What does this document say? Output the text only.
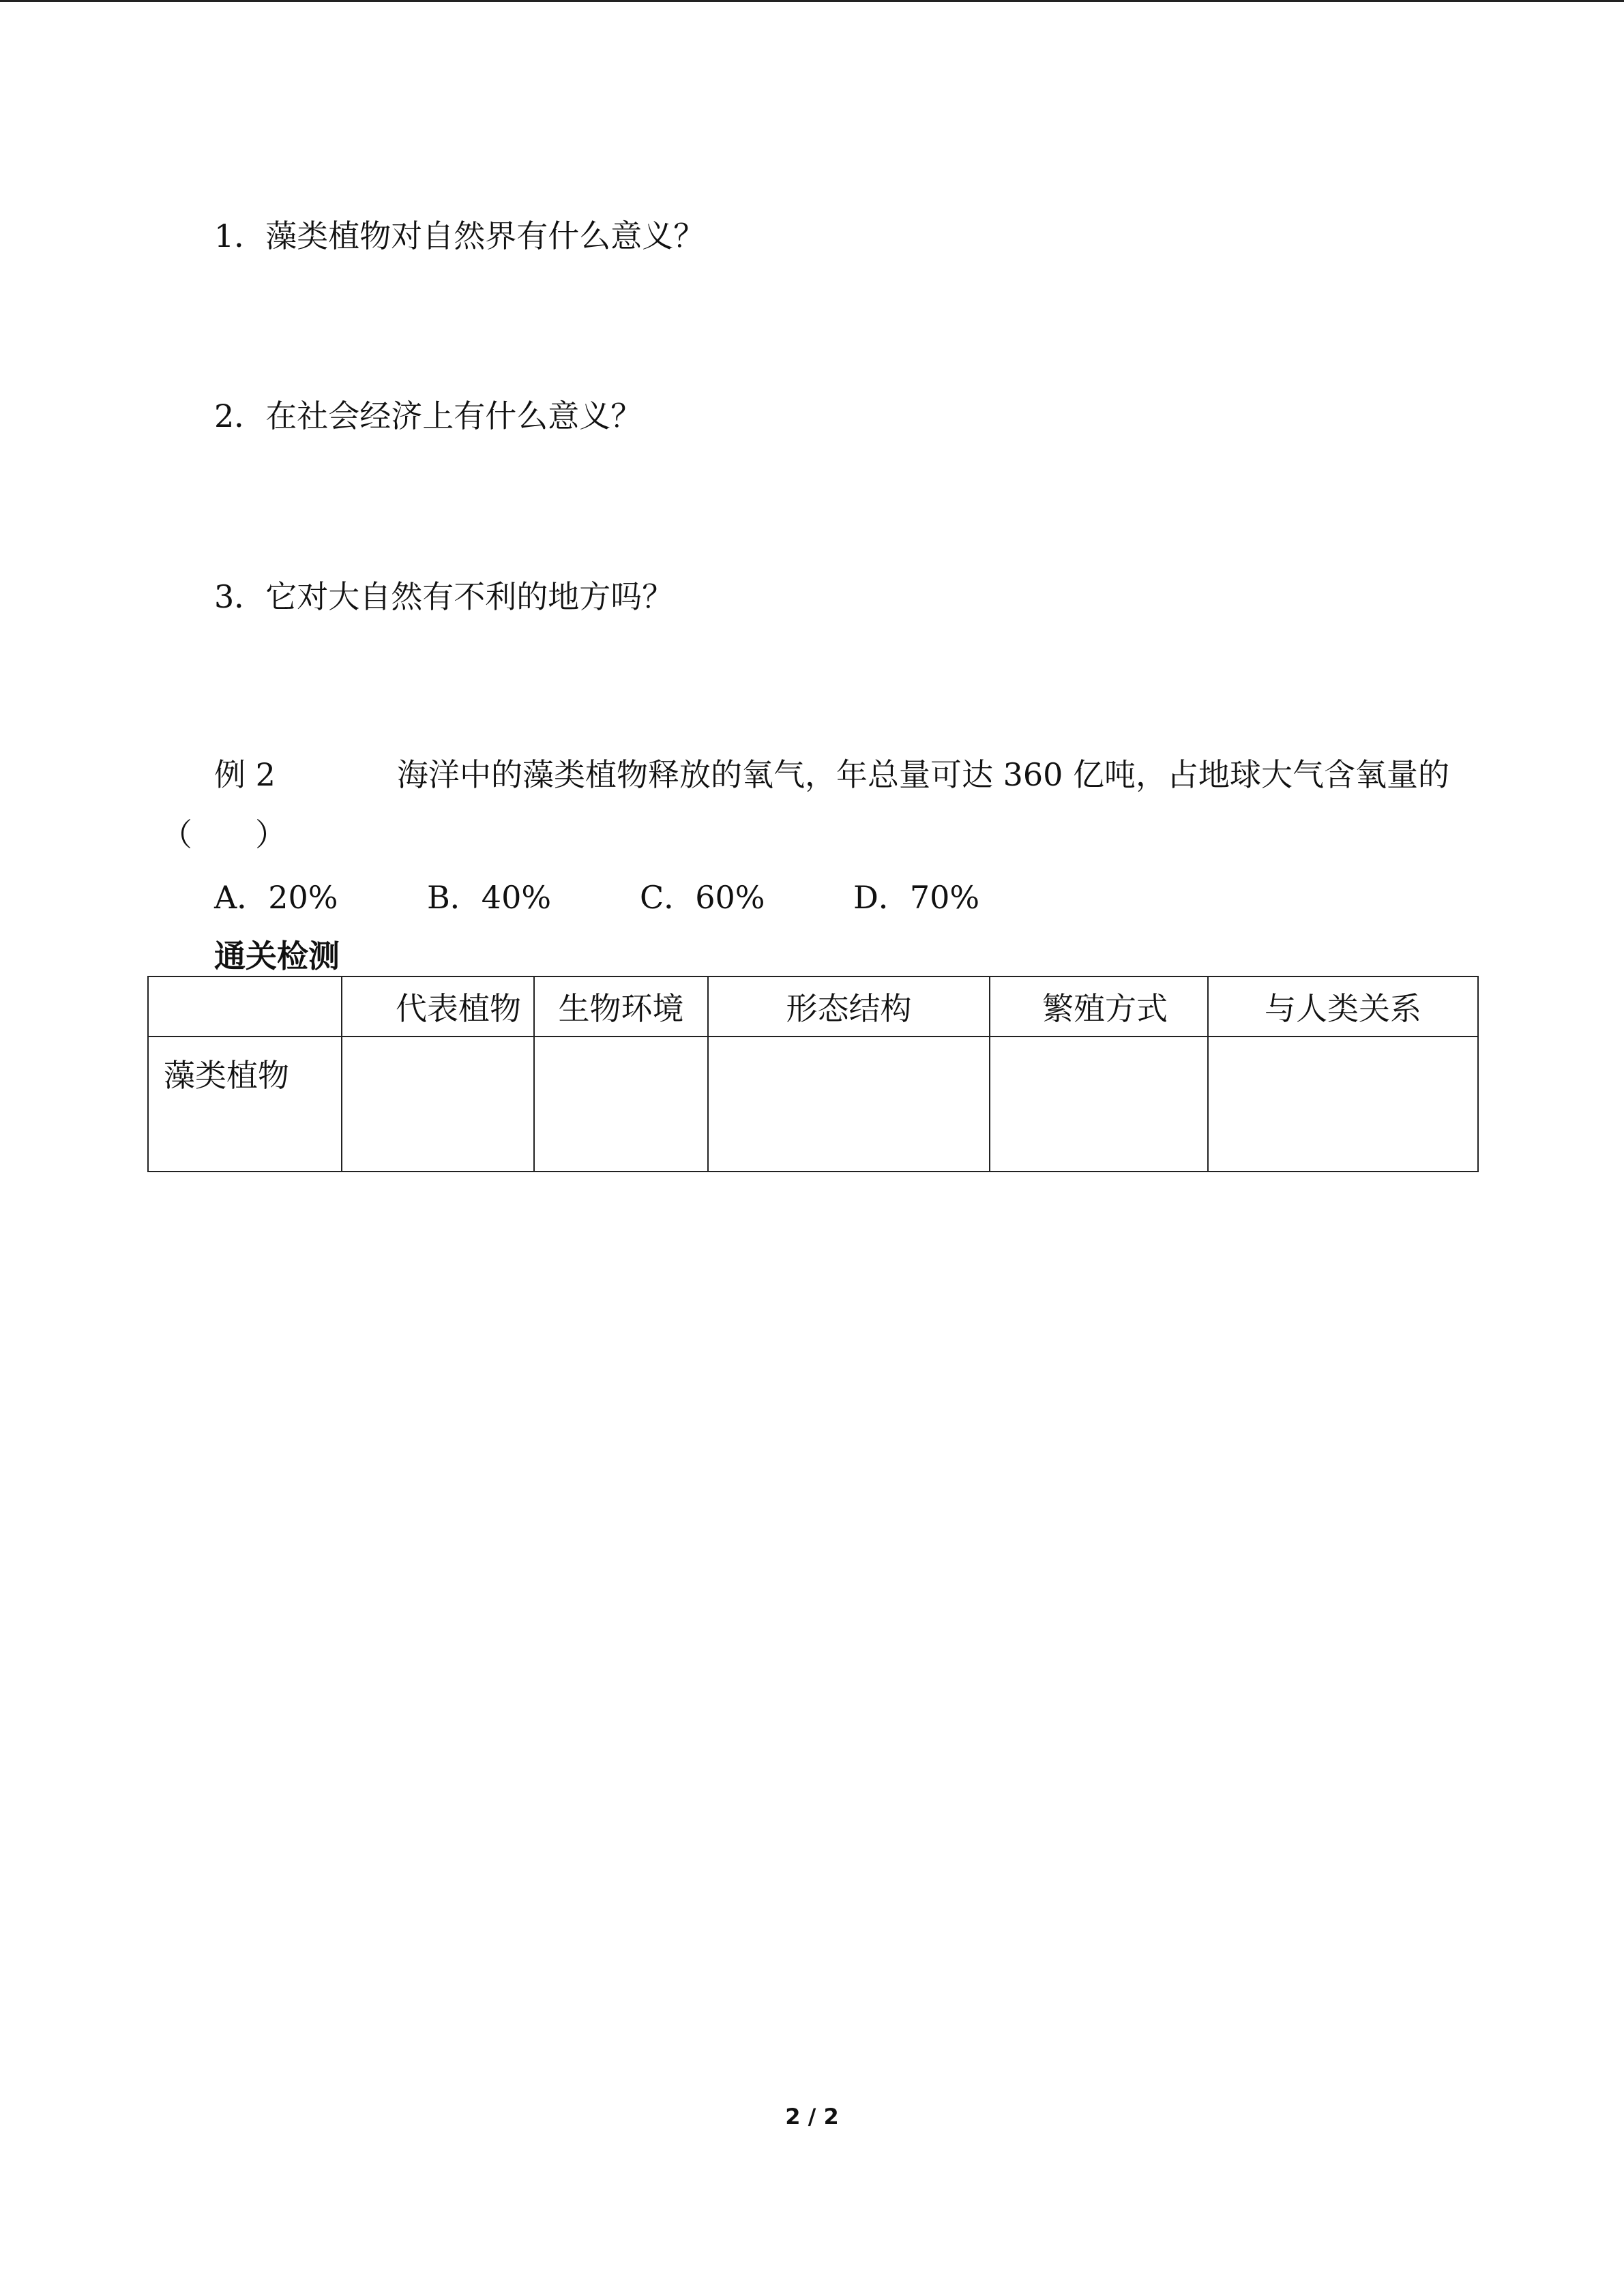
1．藻类植物对自然界有什么意义？
2．在社会经济上有什么意义？
3．它对大自然有不利的地方吗？
例 2	海洋中的藻类植物释放的氧气，年总量可达 360 亿吨，占地球大气含氧量的
（　　）
A．20%	B．40%	C．60%	D．70%
通关检测
	代表植物	生物环境	形态结构	繁殖方式	与人类关系
藻类植物					
2 / 2
